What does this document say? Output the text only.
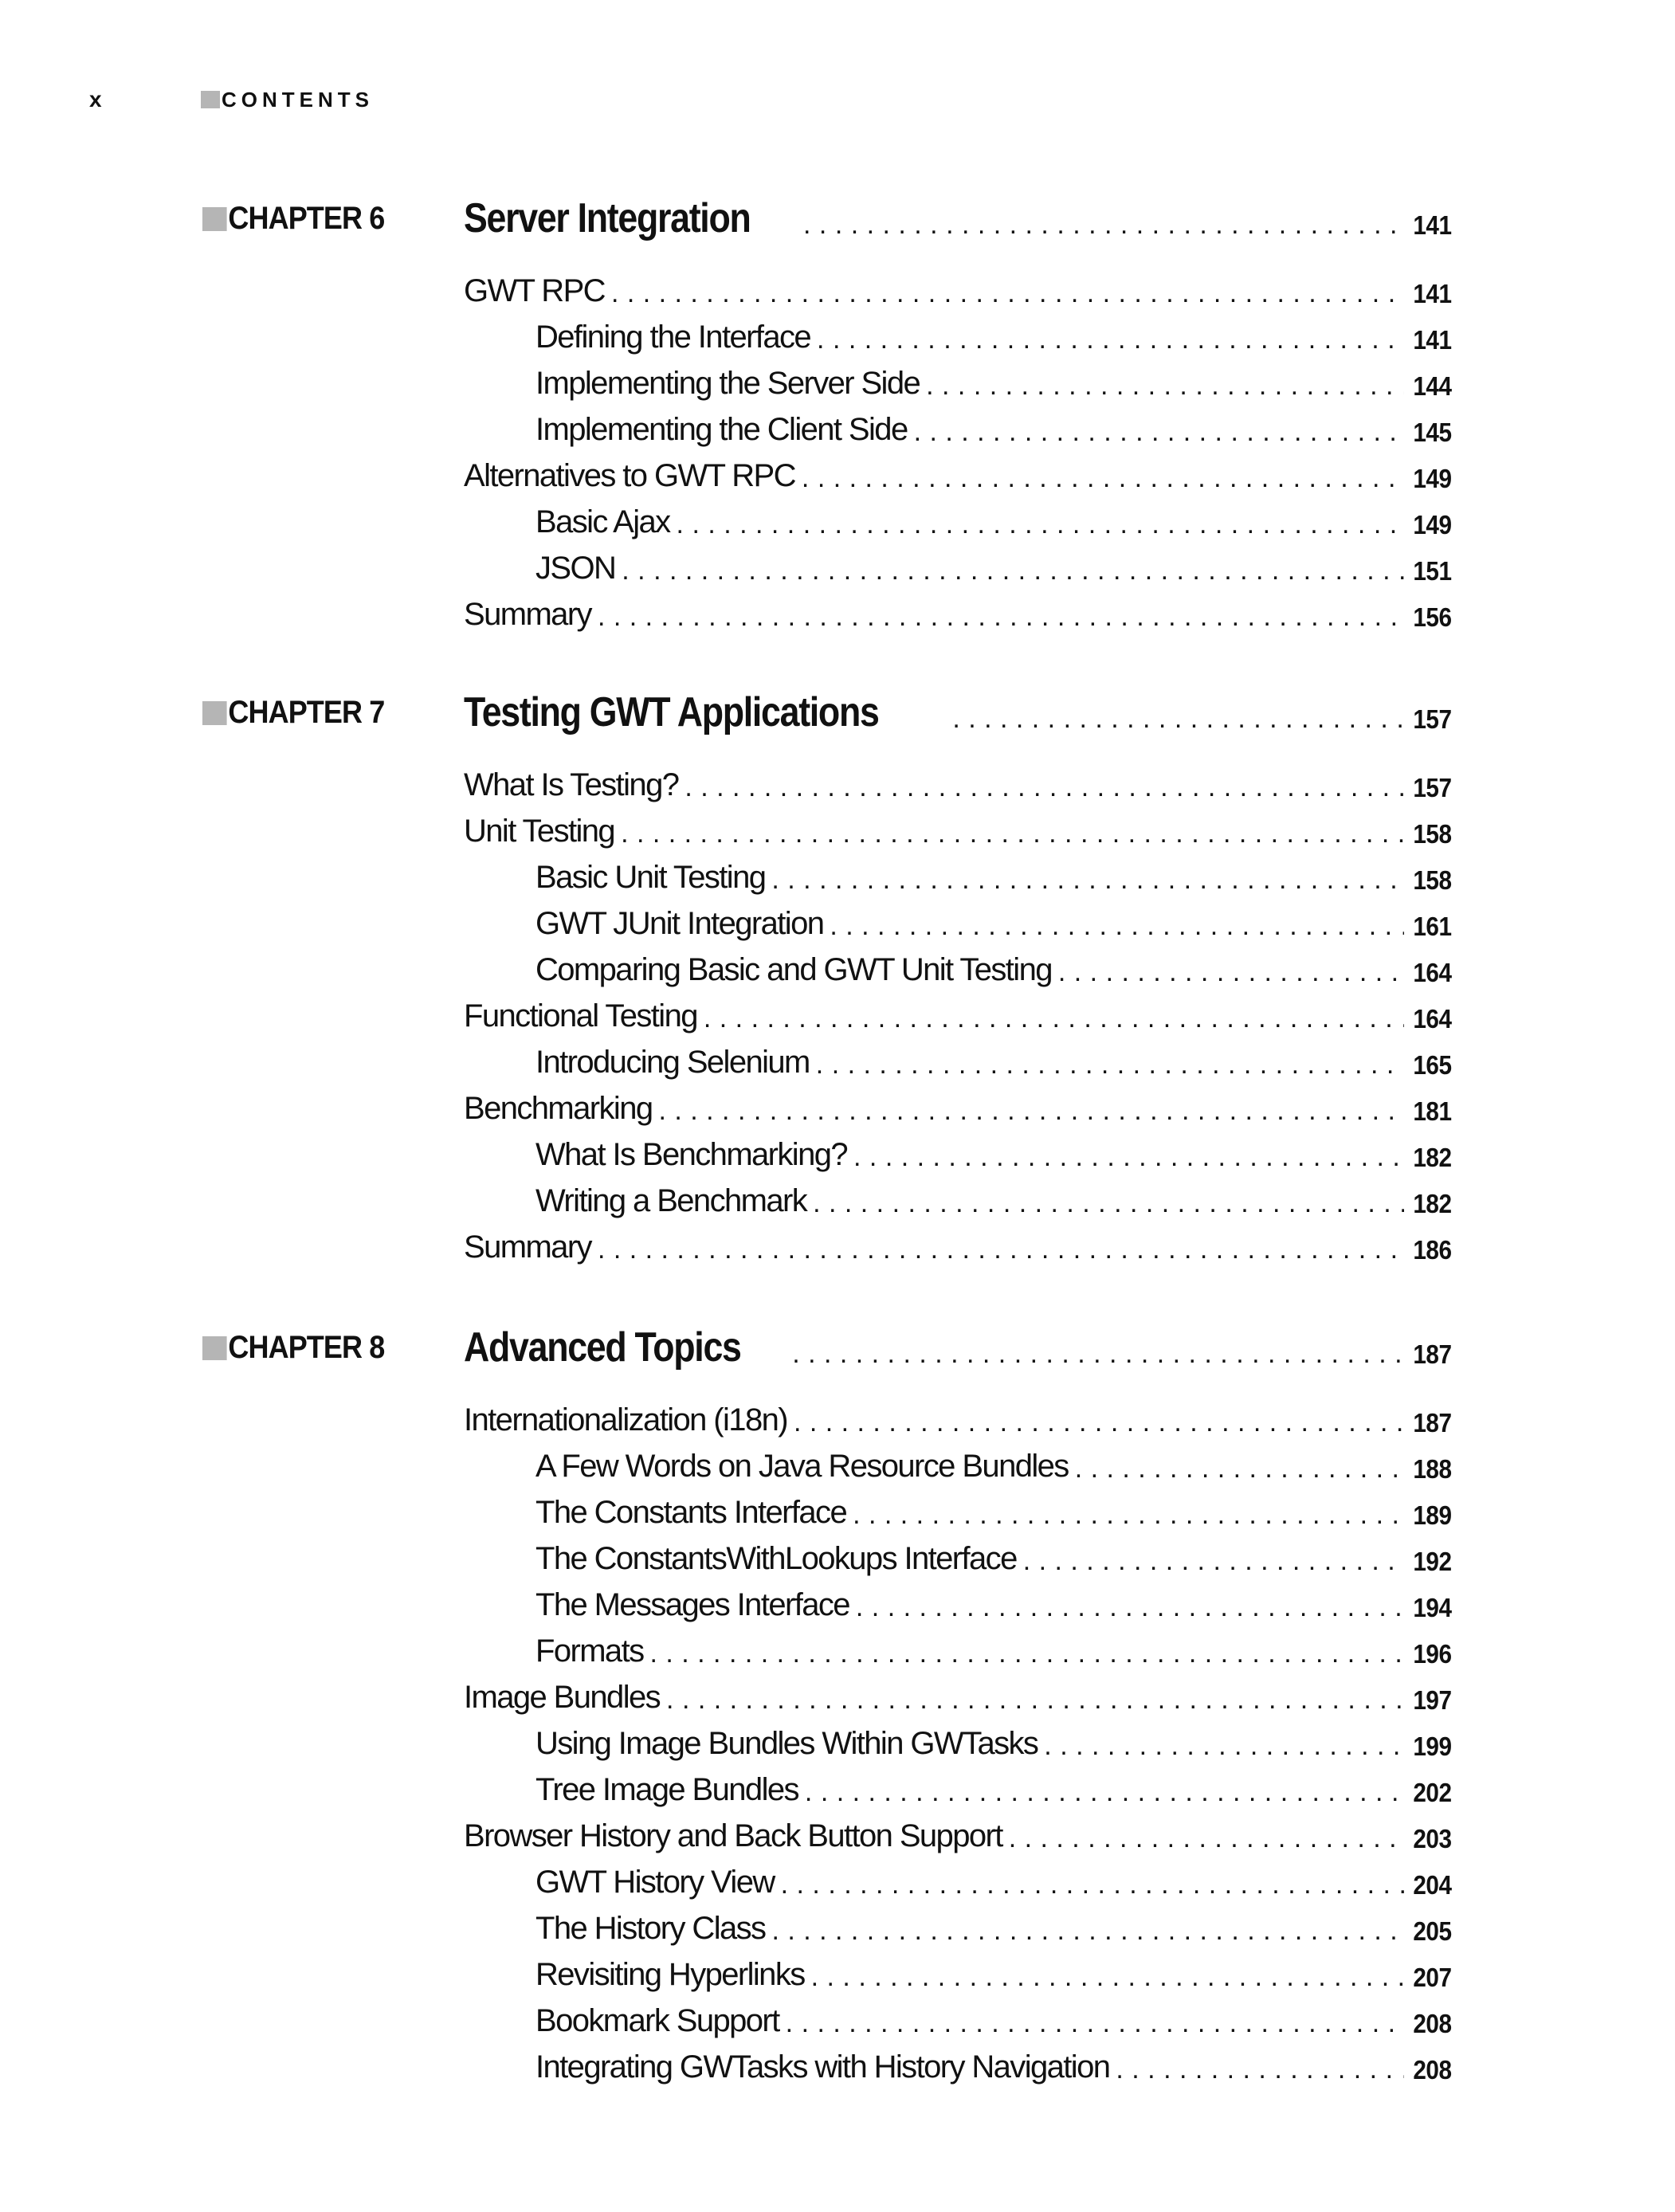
x	CONTENTS
CHAPTER 6 Server Integration . . .	141
GWT RPC . . .	141
Defining the Interface . . .	141
Implementing the Server Side . . .	144
Implementing the Client Side . . .	145
Alternatives to GWT RPC . . .	149
Basic Ajax . . .	149
JSON . . .	151
Summary . . .	156
CHAPTER 7 Testing GWT Applications . . .	157
What Is Testing? . . .	157
Unit Testing . . .	158
Basic Unit Testing . . .	158
GWT JUnit Integration . . .	161
Comparing Basic and GWT Unit Testing . . .	164
Functional Testing . . .	164
Introducing Selenium . . .	165
Benchmarking . . .	181
What Is Benchmarking? . . .	182
Writing a Benchmark . . .	182
Summary . . .	186
CHAPTER 8 Advanced Topics . . .	187
Internationalization (i18n) . . .	187
A Few Words on Java Resource Bundles . . .	188
The Constants Interface . . .	189
The ConstantsWithLookups Interface . . .	192
The Messages Interface . . .	194
Formats . . .	196
Image Bundles . . .	197
Using Image Bundles Within GWTasks . . .	199
Tree Image Bundles . . .	202
Browser History and Back Button Support . . .	203
GWT History View . . .	204
The History Class . . .	205
Revisiting Hyperlinks . . .	207
Bookmark Support . . .	208
Integrating GWTasks with History Navigation . . .	208
